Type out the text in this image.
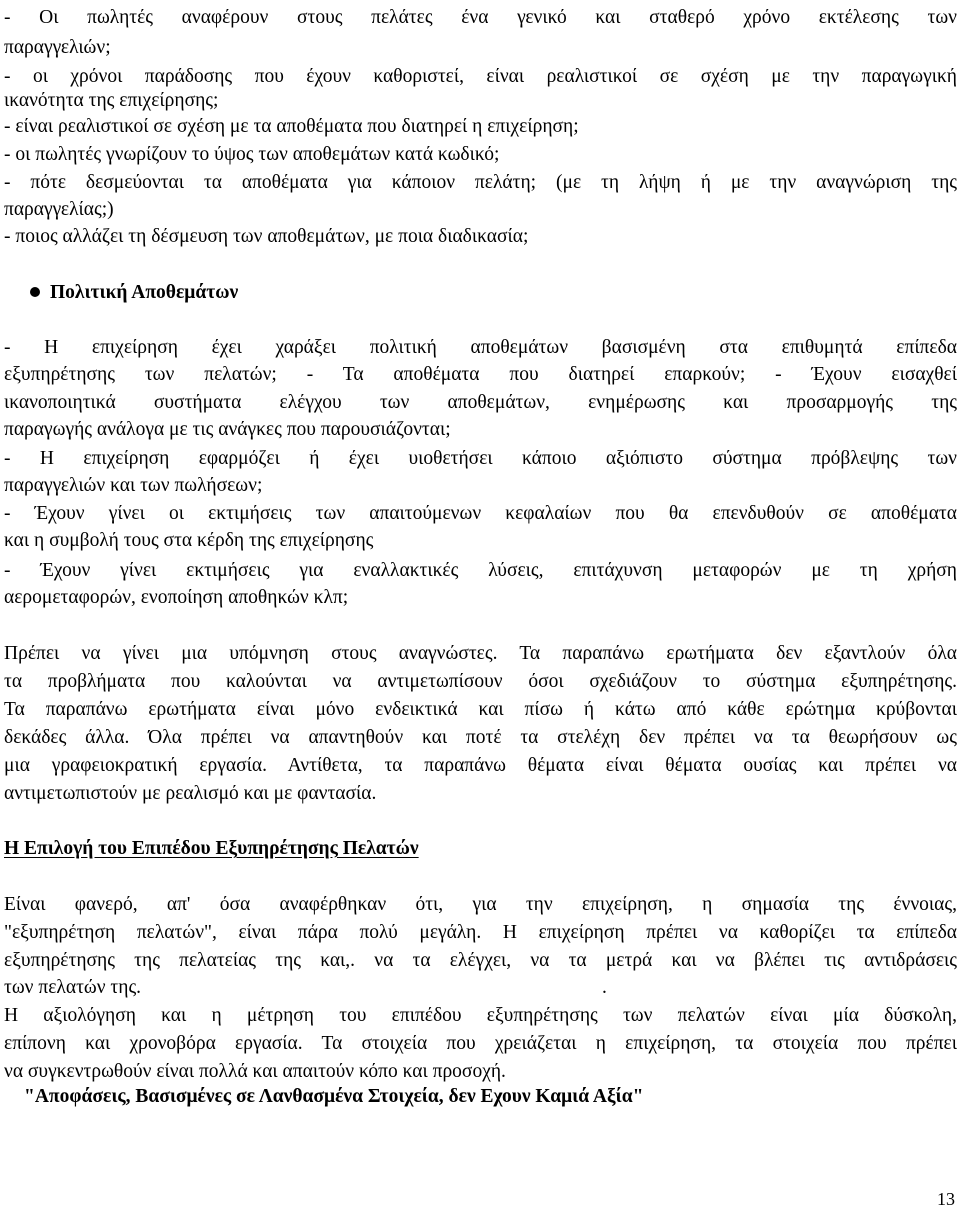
- Οι πωλητές αναφέρουν στους πελάτες ένα γενικό και σταθερό χρόνο εκτέλεσης των
παραγγελιών;
- οι χρόνοι παράδοσης που έχουν καθοριστεί, είναι ρεαλιστικοί σε σχέση με την παραγωγική
ικανότητα της επιχείρησης;
- είναι ρεαλιστικοί σε σχέση με τα αποθέματα που διατηρεί η επιχείρηση;
- οι πωλητές γνωρίζουν το ύψος των αποθεμάτων κατά κωδικό;
- πότε δεσμεύονται τα αποθέματα για κάποιον πελάτη; (με τη λήψη ή με την αναγνώριση της
παραγγελίας;)
- ποιος αλλάζει τη δέσμευση των αποθεμάτων, με ποια διαδικασία;
Πολιτική Αποθεμάτων
- Η επιχείρηση έχει χαράξει πολιτική αποθεμάτων βασισμένη στα επιθυμητά επίπεδα
εξυπηρέτησης των πελατών; - Τα αποθέματα που διατηρεί επαρκούν; - Έχουν εισαχθεί
ικανοποιητικά συστήματα ελέγχου των αποθεμάτων, ενημέρωσης και προσαρμογής της
παραγωγής ανάλογα με τις ανάγκες που παρουσιάζονται;
- Η επιχείρηση εφαρμόζει ή έχει υιοθετήσει κάποιο αξιόπιστο σύστημα πρόβλεψης των
παραγγελιών και των πωλήσεων;
- Έχουν γίνει οι εκτιμήσεις των απαιτούμενων κεφαλαίων που θα επενδυθούν σε αποθέματα
και η συμβολή τους στα κέρδη της επιχείρησης
- Έχουν γίνει εκτιμήσεις για εναλλακτικές λύσεις, επιτάχυνση μεταφορών με τη χρήση
αερομεταφορών, ενοποίηση αποθηκών κλπ;
Πρέπει να γίνει μια υπόμνηση στους αναγνώστες. Τα παραπάνω ερωτήματα δεν εξαντλούν όλα
τα προβλήματα που καλούνται να αντιμετωπίσουν όσοι σχεδιάζουν το σύστημα εξυπηρέτησης.
Τα παραπάνω ερωτήματα είναι μόνο ενδεικτικά και πίσω ή κάτω από κάθε ερώτημα κρύβονται
δεκάδες άλλα. Όλα πρέπει να απαντηθούν και ποτέ τα στελέχη δεν πρέπει να τα θεωρήσουν ως
μια γραφειοκρατική εργασία. Αντίθετα, τα παραπάνω θέματα είναι θέματα ουσίας και πρέπει να
αντιμετωπιστούν με ρεαλισμό και με φαντασία.
Η Επιλογή του Επιπέδου Εξυπηρέτησης Πελατών
Είναι φανερό, απ' όσα αναφέρθηκαν ότι, για την επιχείρηση, η σημασία της έννοιας,
"εξυπηρέτηση πελατών", είναι πάρα πολύ μεγάλη. Η επιχείρηση πρέπει να καθορίζει τα επίπεδα
εξυπηρέτησης της πελατείας της και,. να τα ελέγχει, να τα μετρά και να βλέπει τις αντιδράσεις
των πελατών της.	.
Η αξιολόγηση και η μέτρηση του επιπέδου εξυπηρέτησης των πελατών είναι μία δύσκολη,
επίπονη και χρονοβόρα εργασία. Τα στοιχεία που χρειάζεται η επιχείρηση, τα στοιχεία που πρέπει
να συγκεντρωθούν είναι πολλά και απαιτούν κόπο και προσοχή.
"Αποφάσεις, Βασισμένες σε Λανθασμένα Στοιχεία, δεν Εχουν Καμιά Αξία"
13
